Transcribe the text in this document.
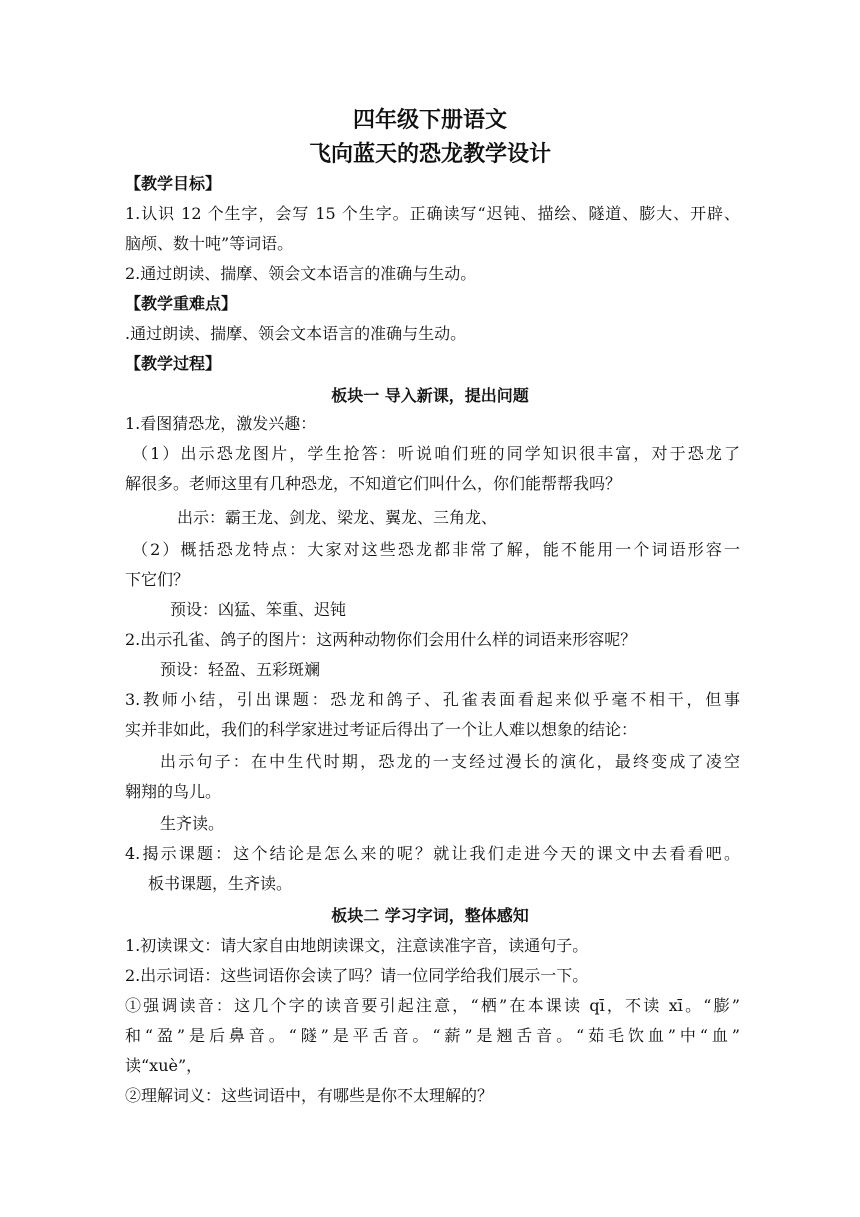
四年级下册语文
飞向蓝天的恐龙教学设计
【教学目标】
1.认识 12 个生字，会写 15 个生字。正确读写“迟钝、描绘、隧道、膨大、开辟、
脑颅、数十吨”等词语。
2.通过朗读、揣摩、领会文本语言的准确与生动。
【教学重难点】
.通过朗读、揣摩、领会文本语言的准确与生动。
【教学过程】
板块一 导入新课，提出问题
1.看图猜恐龙，激发兴趣：
（1）出示恐龙图片，学生抢答：听说咱们班的同学知识很丰富，对于恐龙了
解很多。老师这里有几种恐龙，不知道它们叫什么，你们能帮帮我吗？
出示：霸王龙、剑龙、梁龙、翼龙、三角龙、
（2）概括恐龙特点：大家对这些恐龙都非常了解，能不能用一个词语形容一
下它们？
预设：凶猛、笨重、迟钝
2.出示孔雀、鸽子的图片：这两种动物你们会用什么样的词语来形容呢？
预设：轻盈、五彩斑斓
3.教师小结，引出课题：恐龙和鸽子、孔雀表面看起来似乎毫不相干，但事
实并非如此，我们的科学家进过考证后得出了一个让人难以想象的结论：
出示句子：在中生代时期，恐龙的一支经过漫长的演化，最终变成了凌空
翱翔的鸟儿。
生齐读。
4.揭示课题：这个结论是怎么来的呢？就让我们走进今天的课文中去看看吧。
板书课题，生齐读。
板块二 学习字词，整体感知
1.初读课文：请大家自由地朗读课文，注意读准字音，读通句子。
2.出示词语：这些词语你会读了吗？请一位同学给我们展示一下。
①强调读音：这几个字的读音要引起注意，“栖”在本课读 qī，不读 xī。“膨”
和“盈”是后鼻音。“隧”是平舌音。“薪”是翘舌音。“茹毛饮血”中“血”
读“xuè”，
②理解词义：这些词语中，有哪些是你不太理解的？
